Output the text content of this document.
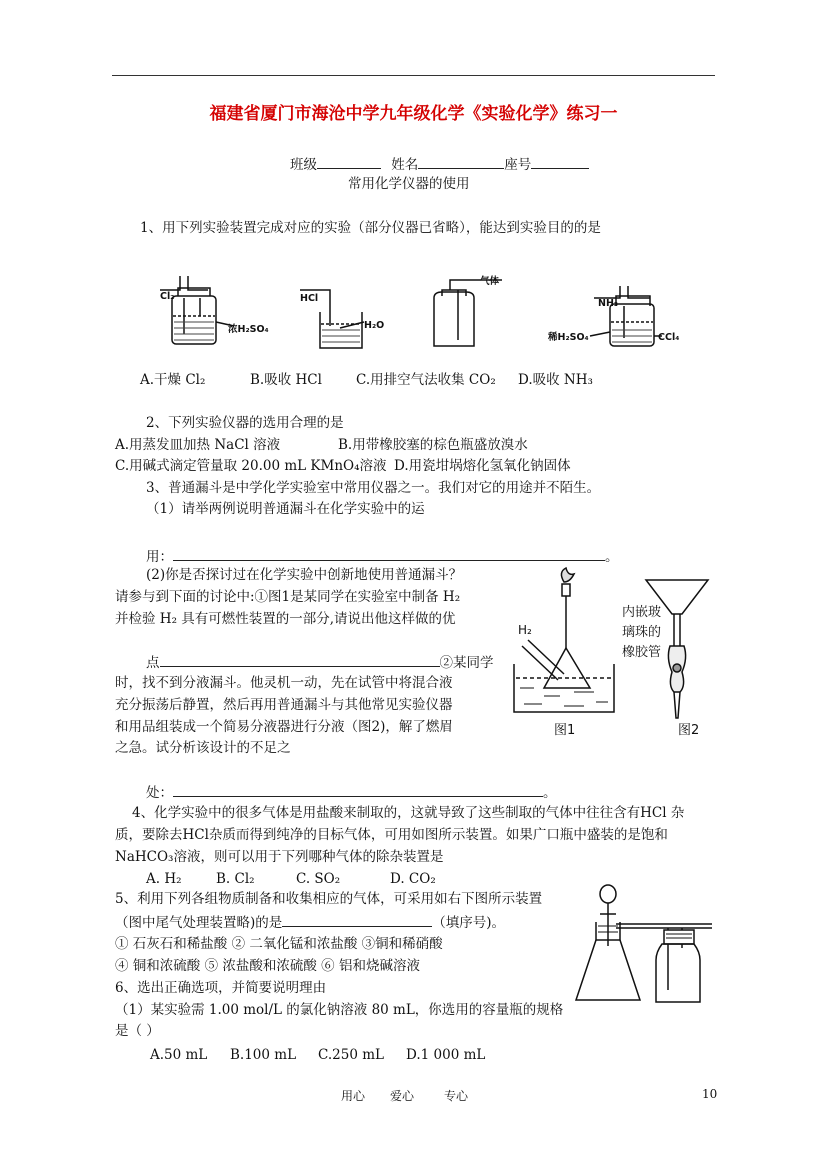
福建省厦门市海沧中学九年级化学《实验化学》练习一
班级	姓名	座号
常用化学仪器的使用
1、用下列实验装置完成对应的实验（部分仪器已省略），能达到实验目的的是
Cl₂
浓H₂SO₄
HCl
H₂O
气体
NH₃
稀H₂SO₄	CCl₄
A.干燥 Cl₂	B.吸收 HCl	C.用排空气法收集 CO₂ D.吸收 NH₃
2、下列实验仪器的选用合理的是
A.用蒸发皿加热 NaCl 溶液	B.用带橡胶塞的棕色瓶盛放溴水
C.用碱式滴定管量取 20.00 mL KMnO₄溶液 D.用瓷坩埚熔化氢氧化钠固体
3、普通漏斗是中学化学实验室中常用仪器之一。我们对它的用途并不陌生。
（1）请举两例说明普通漏斗在化学实验中的运
用：	。
(2)你是否探讨过在化学实验中创新地使用普通漏斗？
请参与到下面的讨论中:①图1是某同学在实验室中制备 H₂
并检验 H₂ 具有可燃性装置的一部分,请说出他这样做的优
点	②某同学
时，找不到分液漏斗。他灵机一动，先在试管中将混合液
充分振荡后静置，然后再用普通漏斗与其他常见实验仪器
和用品组装成一个简易分液器进行分液（图2)，解了燃眉
之急。试分析该设计的不足之
处：	。
H₂
图1
内嵌玻
璃珠的
橡胶管
图2
4、化学实验中的很多气体是用盐酸来制取的，这就导致了这些制取的气体中往往含有HCl 杂
质，要除去HCl杂质而得到纯净的目标气体，可用如图所示装置。如果广口瓶中盛装的是饱和
NaHCO₃溶液，则可以用于下列哪种气体的除杂装置是
A. H₂	B. Cl₂	C. SO₂	D. CO₂
5、利用下列各组物质制备和收集相应的气体，可采用如右下图所示装置
（图中尾气处理装置略)的是	（填序号)。
① 石灰石和稀盐酸 ② 二氧化锰和浓盐酸 ③铜和稀硝酸
④ 铜和浓硫酸 ⑤ 浓盐酸和浓硫酸 ⑥ 铝和烧碱溶液
6、选出正确选项，并简要说明理由
（1）某实验需 1.00 mol/L 的氯化钠溶液 80 mL，你选用的容量瓶的规格
是（ ）
A.50 mL B.100 mL C.250 mL D.1 000 mL
用心 爱心 专心	10
